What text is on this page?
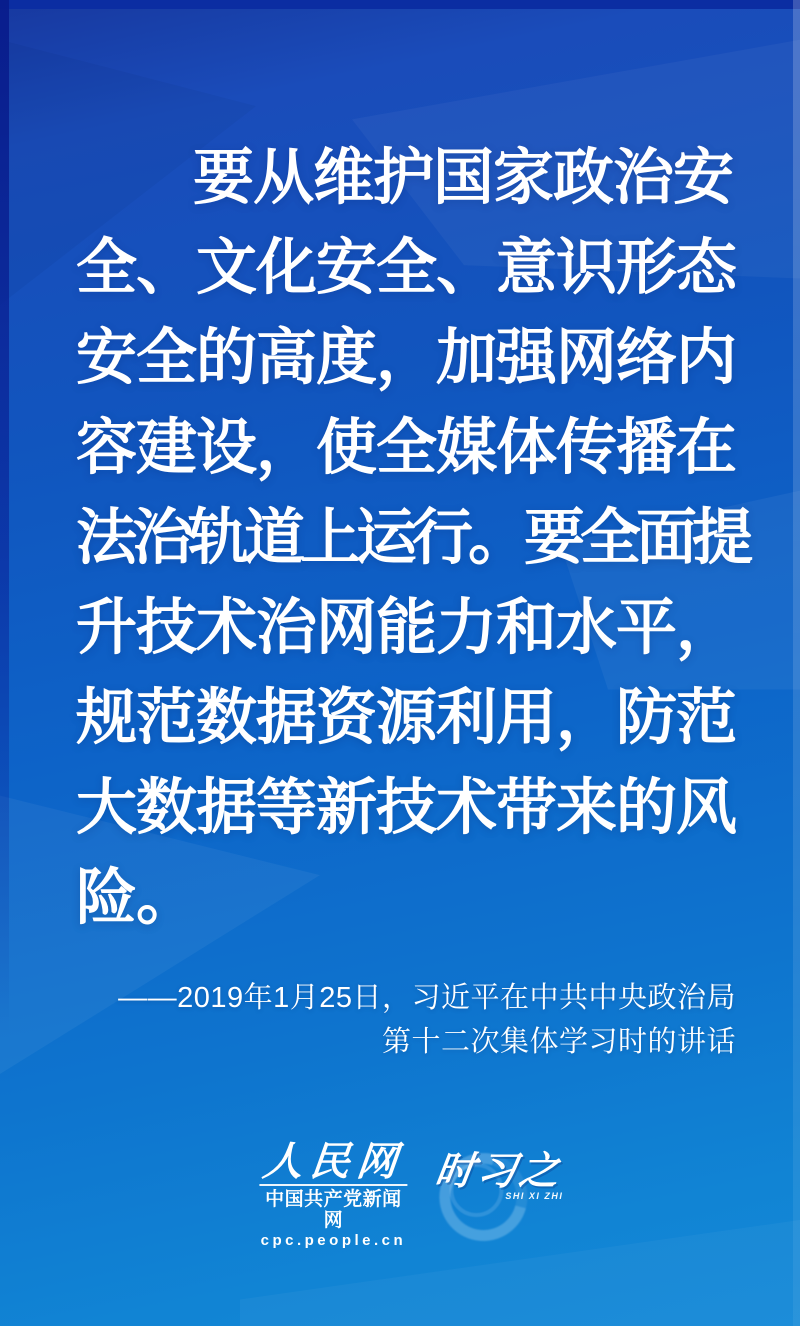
要从维护国家政治安
全、文化安全、意识形态
安全的高度，加强网络内
容建设，使全媒体传播在
法治轨道上运行。要全面提
升技术治网能力和水平，
规范数据资源利用，防范
大数据等新技术带来的风
险。
——2019年1月25日，习近平在中共中央政治局
第十二次集体学习时的讲话
人民网
中国共产党新闻网
cpc.people.cn
时习之
SHI XI ZHI
